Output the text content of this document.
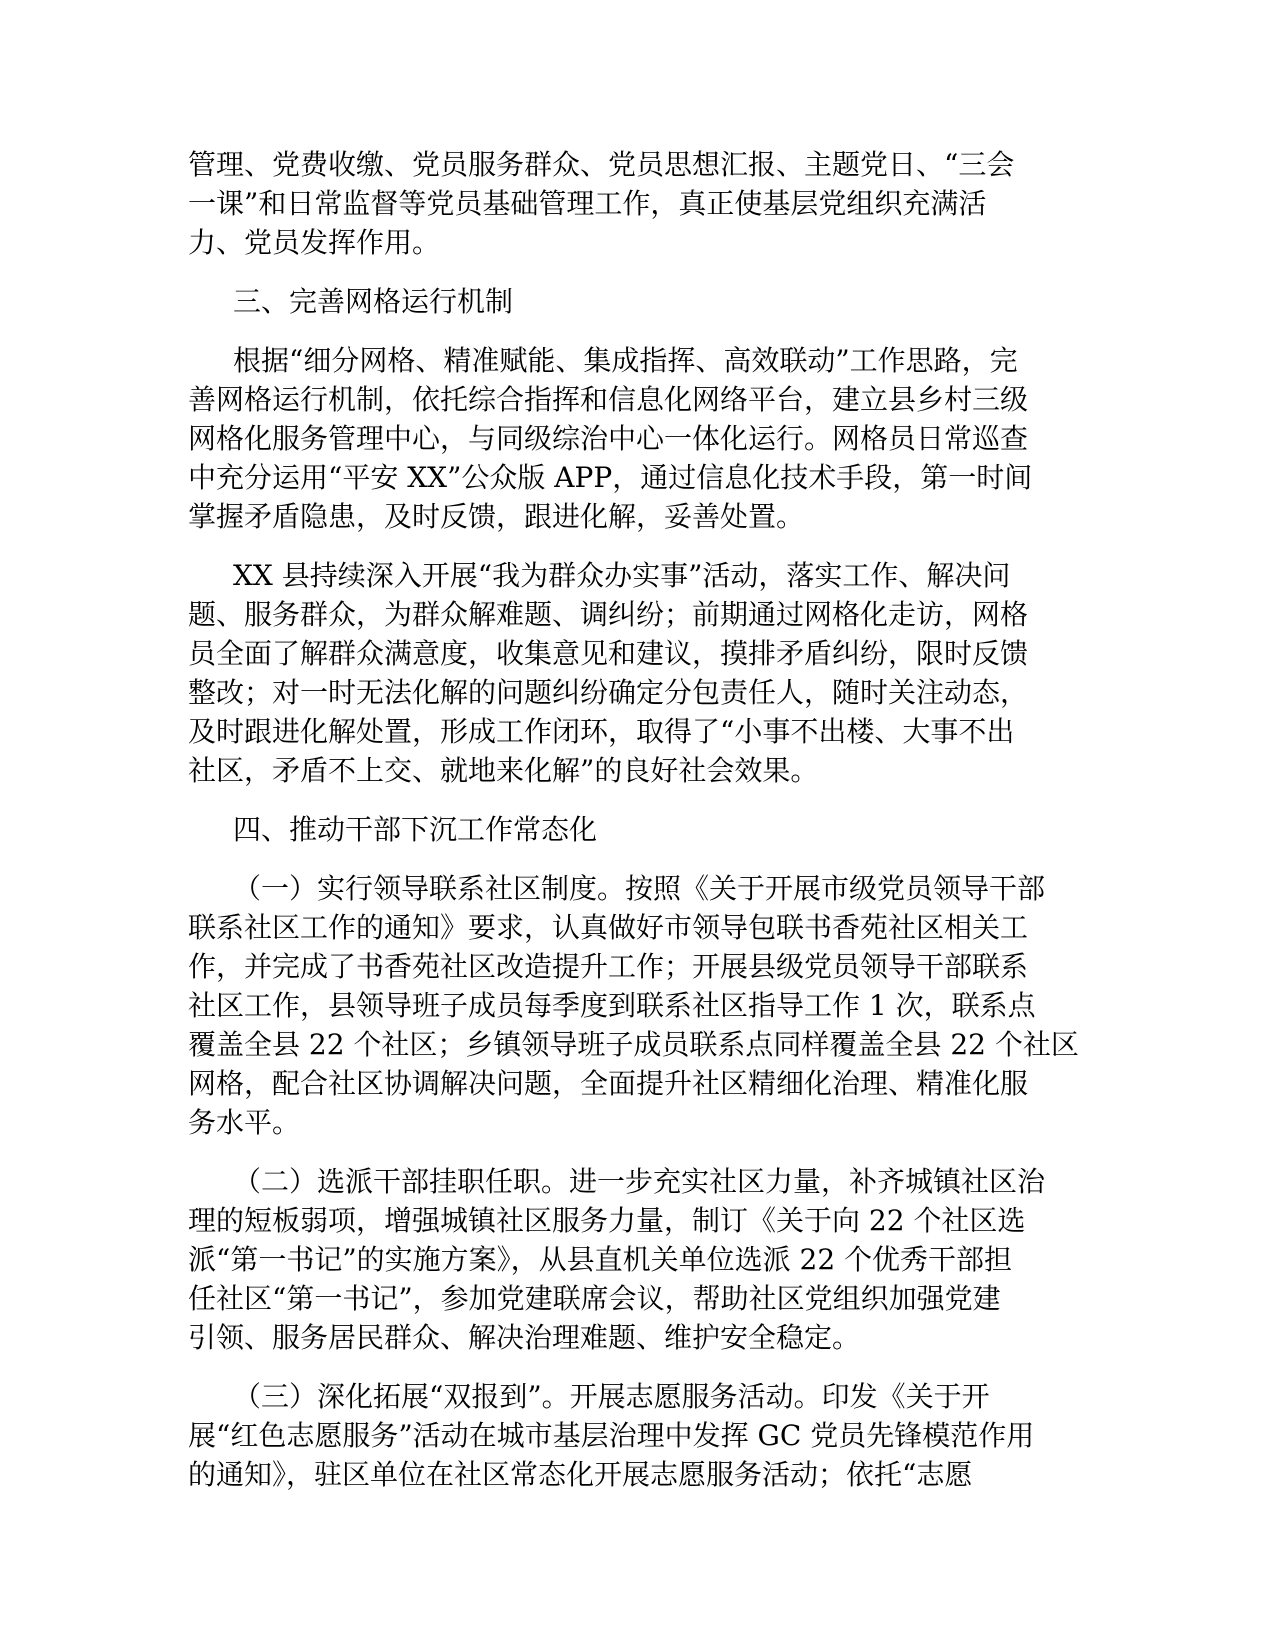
管理、党费收缴、党员服务群众、党员思想汇报、主题党日、“三会
一课”和日常监督等党员基础管理工作，真正使基层党组织充满活
力、党员发挥作用。
三、完善网格运行机制
根据“细分网格、精准赋能、集成指挥、高效联动”工作思路，完
善网格运行机制，依托综合指挥和信息化网络平台，建立县乡村三级
网格化服务管理中心，与同级综治中心一体化运行。网格员日常巡查
中充分运用“平安 XX”公众版 APP，通过信息化技术手段，第一时间
掌握矛盾隐患，及时反馈，跟进化解，妥善处置。
XX 县持续深入开展“我为群众办实事”活动，落实工作、解决问
题、服务群众，为群众解难题、调纠纷；前期通过网格化走访，网格
员全面了解群众满意度，收集意见和建议，摸排矛盾纠纷，限时反馈
整改；对一时无法化解的问题纠纷确定分包责任人，随时关注动态，
及时跟进化解处置，形成工作闭环，取得了“小事不出楼、大事不出
社区，矛盾不上交、就地来化解”的良好社会效果。
四、推动干部下沉工作常态化
（一）实行领导联系社区制度。按照《关于开展市级党员领导干部
联系社区工作的通知》要求，认真做好市领导包联书香苑社区相关工
作，并完成了书香苑社区改造提升工作；开展县级党员领导干部联系
社区工作，县领导班子成员每季度到联系社区指导工作 1 次，联系点
覆盖全县 22 个社区；乡镇领导班子成员联系点同样覆盖全县 22 个社区
网格，配合社区协调解决问题，全面提升社区精细化治理、精准化服
务水平。
（二）选派干部挂职任职。进一步充实社区力量，补齐城镇社区治
理的短板弱项，增强城镇社区服务力量，制订《关于向 22 个社区选
派“第一书记”的实施方案》，从县直机关单位选派 22 个优秀干部担
任社区“第一书记”，参加党建联席会议，帮助社区党组织加强党建
引领、服务居民群众、解决治理难题、维护安全稳定。
（三）深化拓展“双报到”。开展志愿服务活动。印发《关于开
展“红色志愿服务”活动在城市基层治理中发挥 GC 党员先锋模范作用
的通知》，驻区单位在社区常态化开展志愿服务活动；依托“志愿
